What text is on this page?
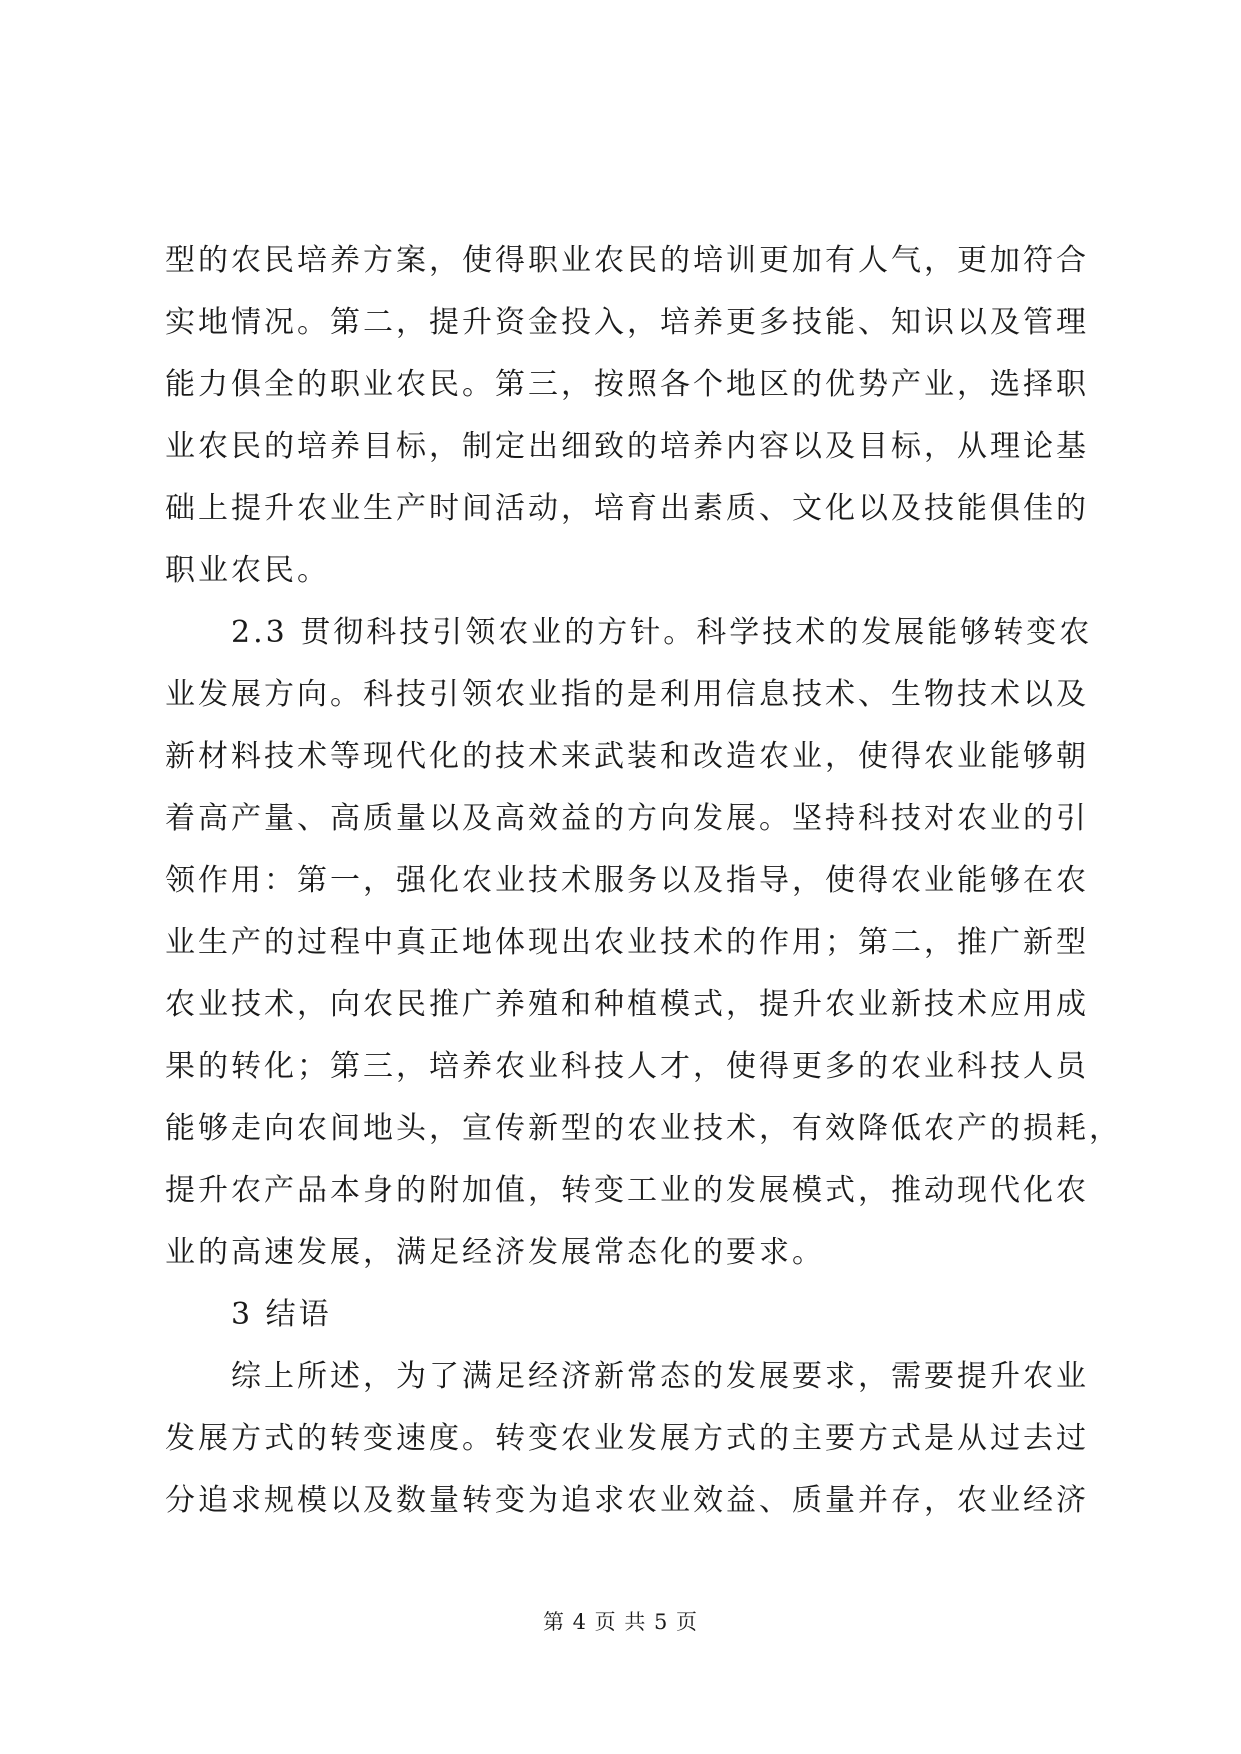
型的农民培养方案，使得职业农民的培训更加有人气，更加符合
实地情况。第二，提升资金投入，培养更多技能、知识以及管理
能力俱全的职业农民。第三，按照各个地区的优势产业，选择职
业农民的培养目标，制定出细致的培养内容以及目标，从理论基
础上提升农业生产时间活动，培育出素质、文化以及技能俱佳的
职业农民。
2.3 贯彻科技引领农业的方针。科学技术的发展能够转变农
业发展方向。科技引领农业指的是利用信息技术、生物技术以及
新材料技术等现代化的技术来武装和改造农业，使得农业能够朝
着高产量、高质量以及高效益的方向发展。坚持科技对农业的引
领作用：第一，强化农业技术服务以及指导，使得农业能够在农
业生产的过程中真正地体现出农业技术的作用；第二，推广新型
农业技术，向农民推广养殖和种植模式，提升农业新技术应用成
果的转化；第三，培养农业科技人才，使得更多的农业科技人员
能够走向农间地头，宣传新型的农业技术，有效降低农产的损耗，
提升农产品本身的附加值，转变工业的发展模式，推动现代化农
业的高速发展，满足经济发展常态化的要求。
3 结语
综上所述，为了满足经济新常态的发展要求，需要提升农业
发展方式的转变速度。转变农业发展方式的主要方式是从过去过
分追求规模以及数量转变为追求农业效益、质量并存，农业经济
第 4 页 共 5 页
